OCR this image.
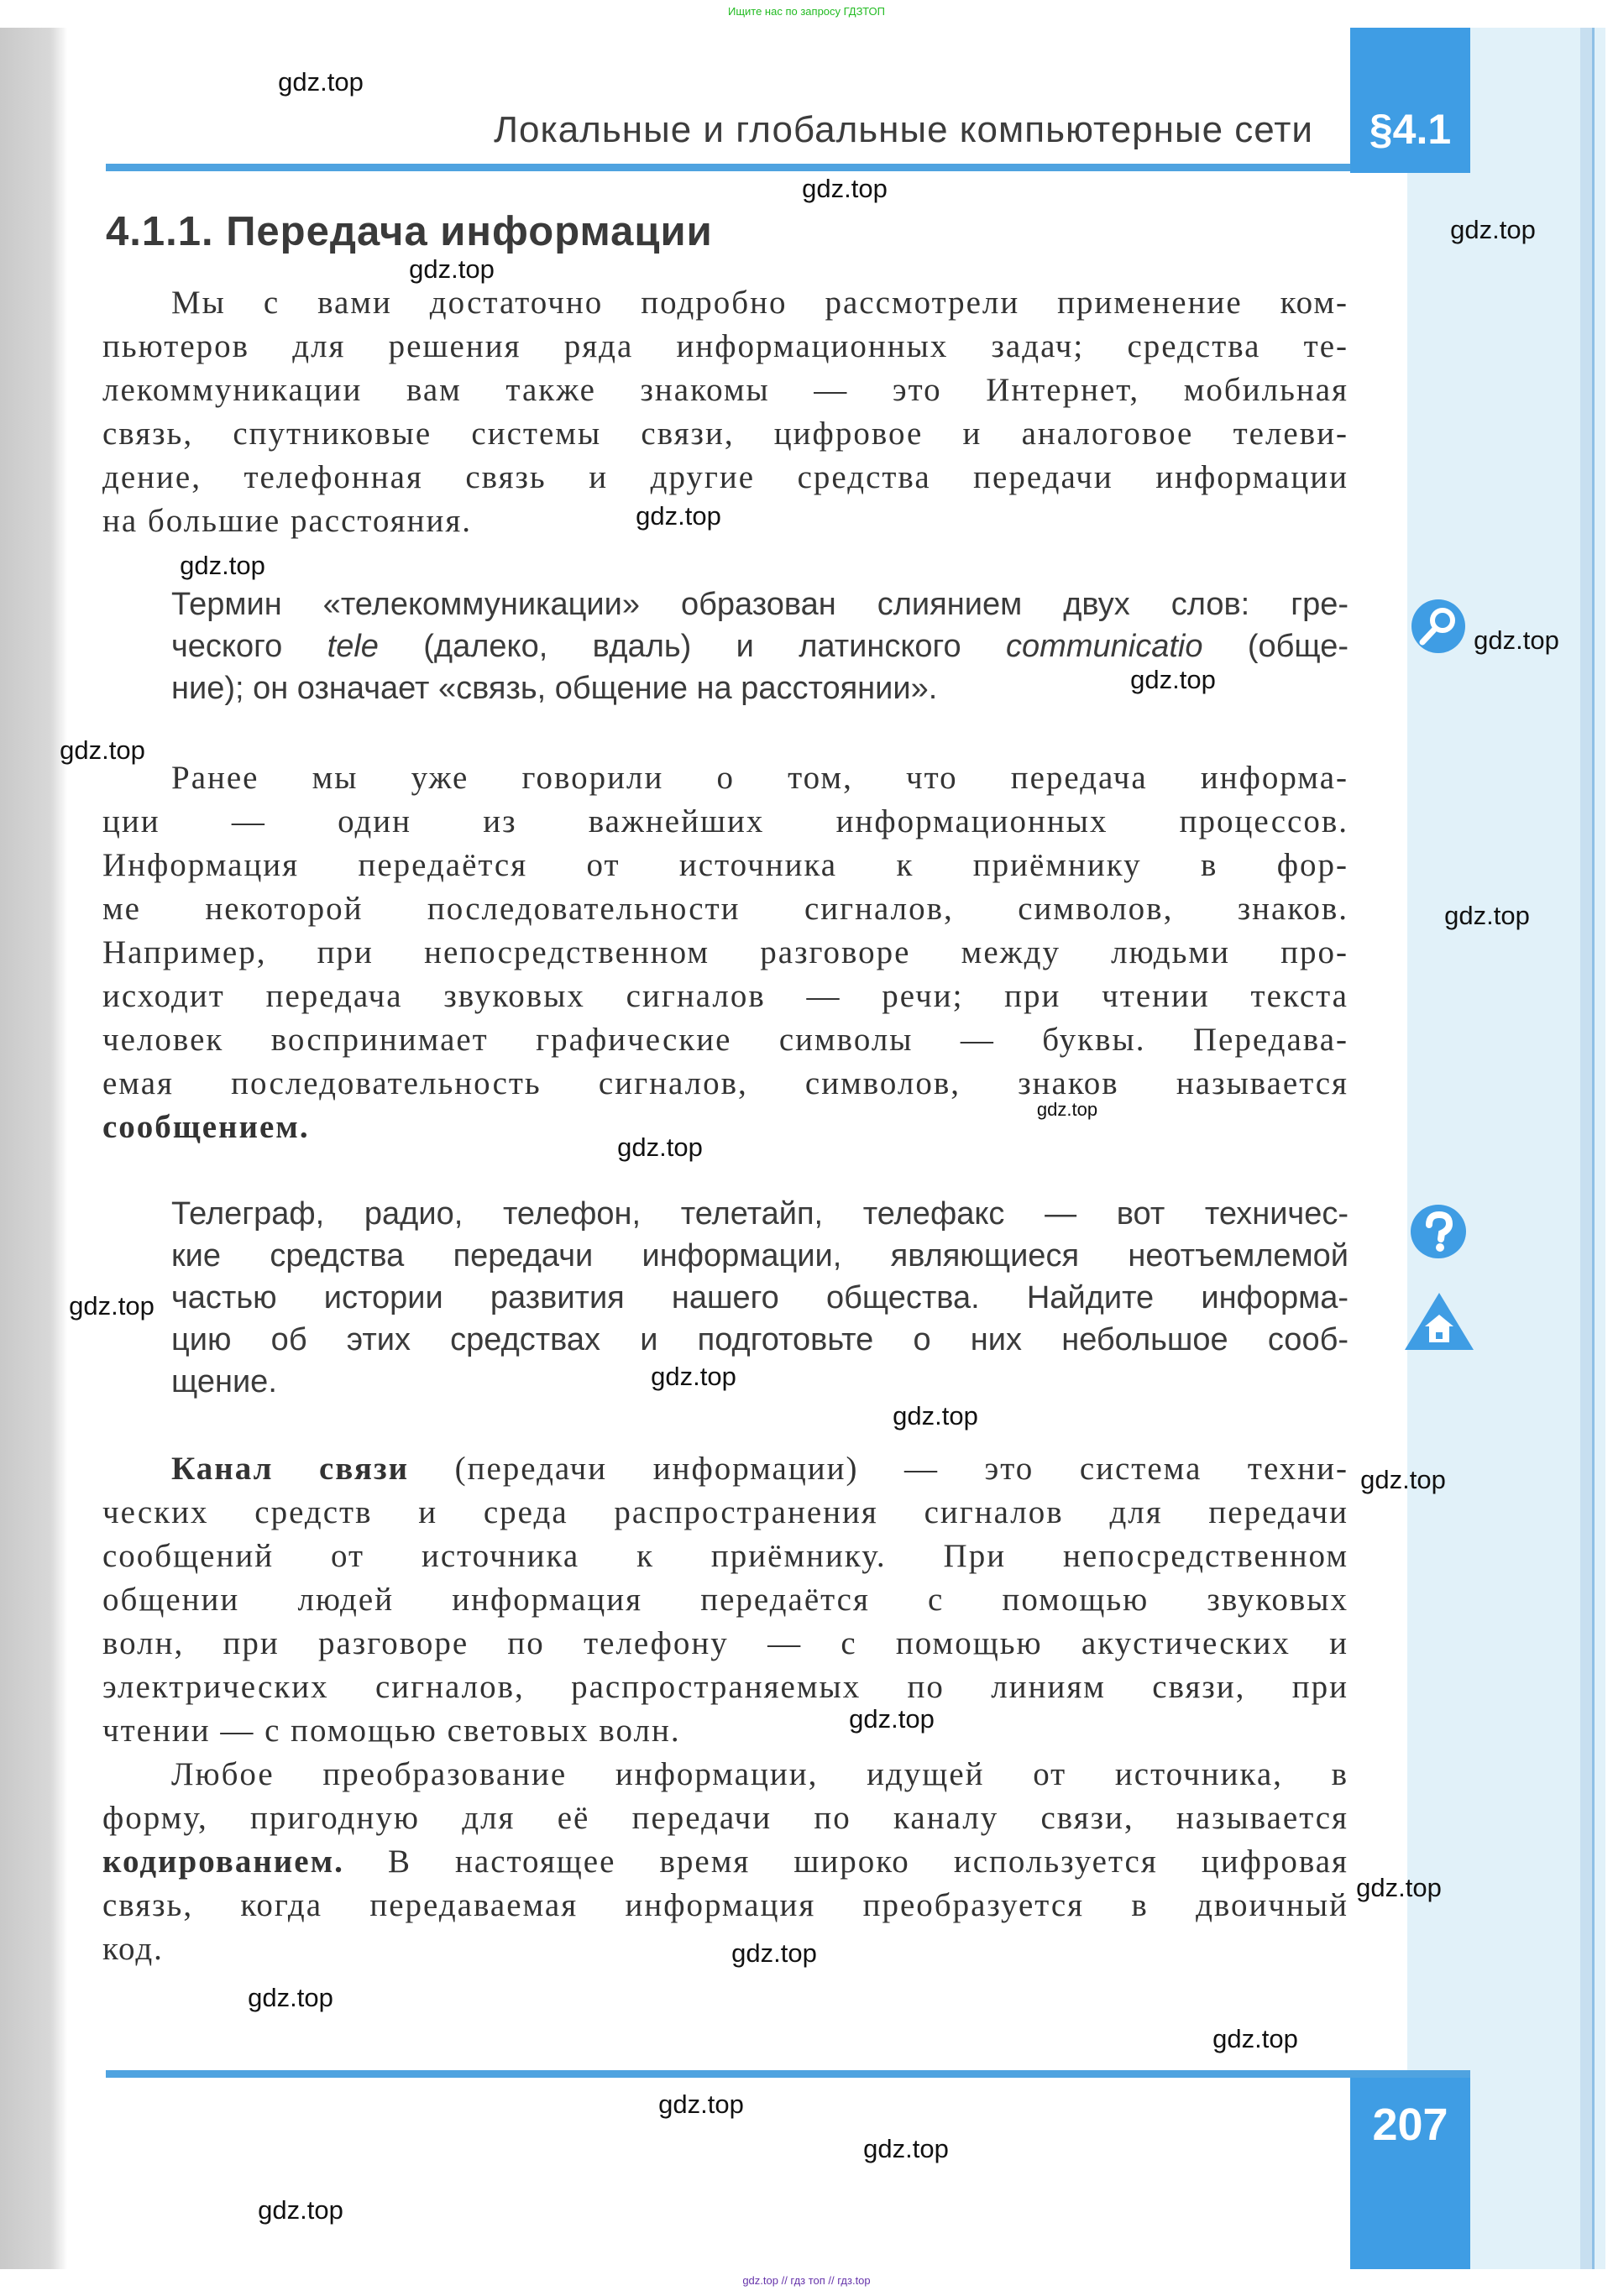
Ищите нас по запросу ГДЗТОП
Локальные и глобальные компьютерные сети	§4.1
4.1.1. Передача информации
207
Мы с вами достаточно подробно рассмотрели применение ком-
пьютеров для решения ряда информационных задач; средства те-
лекоммуникации вам также знакомы — это Интернет, мобильная
связь, спутниковые системы связи, цифровое и аналоговое телеви-
дение, телефонная связь и другие средства передачи информации
на большие расстояния.
Термин «телекоммуникации» образован слиянием двух слов: гре-
ческого tele (далеко, вдаль) и латинского communicatio (обще-
ние); он означает «связь, общение на расстоянии».
Ранее мы уже говорили о том, что передача информа-
ции — один из важнейших информационных процессов.
Информация передаётся от источника к приёмнику в фор-
ме некоторой последовательности сигналов, символов, знаков.
Например, при непосредственном разговоре между людьми про-
исходит передача звуковых сигналов — речи; при чтении текста
человек воспринимает графические символы — буквы. Передава-
емая последовательность сигналов, символов, знаков называется
сообщением.
Телеграф, радио, телефон, телетайп, телефакс — вот техничес-
кие средства передачи информации, являющиеся неотъемлемой
частью истории развития нашего общества. Найдите информа-
цию об этих средствах и подготовьте о них небольшое сооб-
щение.
Канал связи (передачи информации) — это система техни-
ческих средств и среда распространения сигналов для передачи
сообщений от источника к приёмнику. При непосредственном
общении людей информация передаётся с помощью звуковых
волн, при разговоре по телефону — с помощью акустических и
электрических сигналов, распространяемых по линиям связи, при
чтении — с помощью световых волн.
Любое преобразование информации, идущей от источника, в
форму, пригодную для её передачи по каналу связи, называется
кодированием. В настоящее время широко используется цифровая
связь, когда передаваемая информация преобразуется в двоичный
код.
gdz.top
gdz.top
gdz.top
gdz.top
gdz.top
gdz.top
gdz.top
gdz.top
gdz.top
gdz.top
gdz.top
gdz.top
gdz.top
gdz.top
gdz.top
gdz.top
gdz.top
gdz.top
gdz.top
gdz.top
gdz.top
gdz.top
gdz.top
gdz.top
gdz.top // гдз топ // гдз.top
